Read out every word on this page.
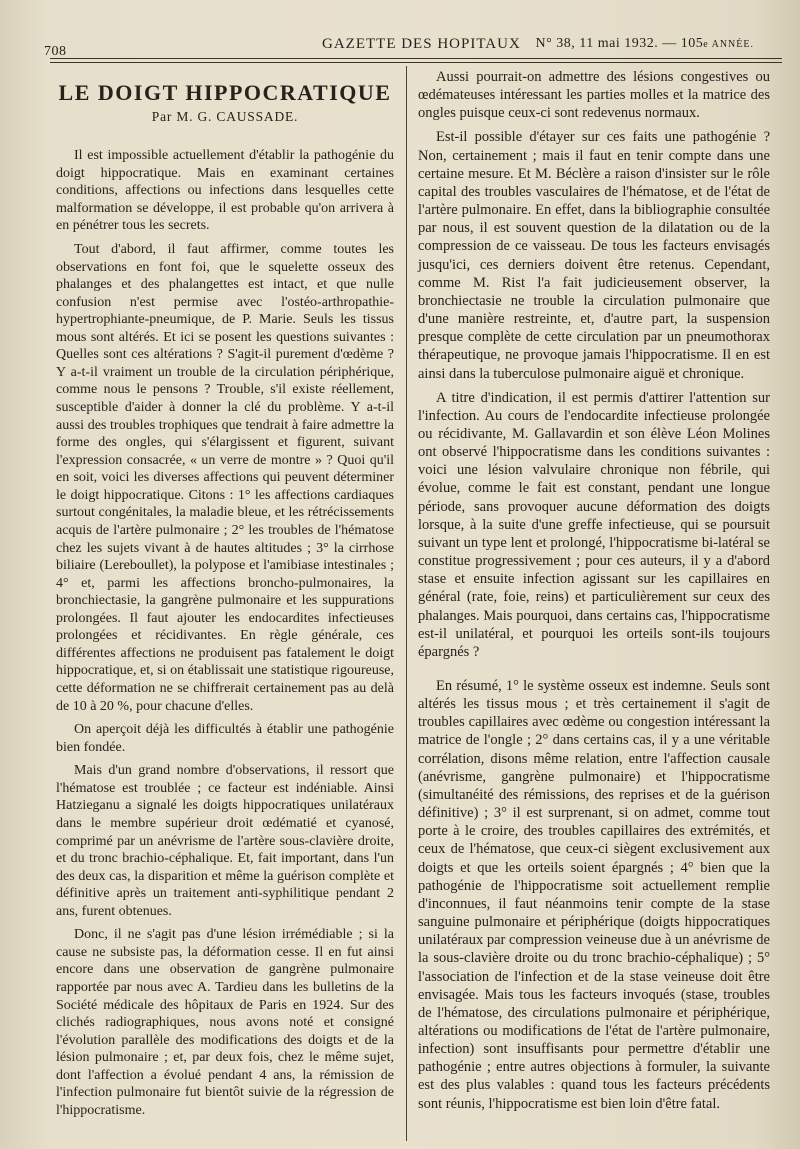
708	GAZETTE DES HOPITAUX N° 38, 11 mai 1932. — 105e ANNÉE.
LE DOIGT HIPPOCRATIQUE
Par M. G. CAUSSADE.

Il est impossible actuellement d'établir la pathogénie du doigt hippocratique. Mais en examinant certaines conditions, affections ou infections dans lesquelles cette malformation se développe, il est probable qu'on arrivera à en pénétrer tous les secrets.

Tout d'abord, il faut affirmer, comme toutes les observations en font foi, que le squelette osseux des phalanges et des phalangettes est intact, et que nulle confusion n'est permise avec l'ostéo-arthropathie-hypertrophiante-pneumique, de P. Marie. Seuls les tissus mous sont altérés. Et ici se posent les questions suivantes : Quelles sont ces altérations ? S'agit-il purement d'œdème ? Y a-t-il vraiment un trouble de la circulation périphérique, comme nous le pensons ? Trouble, s'il existe réellement, susceptible d'aider à donner la clé du problème. Y a-t-il aussi des troubles trophiques que tendrait à faire admettre la forme des ongles, qui s'élargissent et figurent, suivant l'expression consacrée, « un verre de montre » ? Quoi qu'il en soit, voici les diverses affections qui peuvent déterminer le doigt hippocratique. Citons : 1° les affections cardiaques surtout congénitales, la maladie bleue, et les rétrécissements acquis de l'artère pulmonaire ; 2° les troubles de l'hématose chez les sujets vivant à de hautes altitudes ; 3° la cirrhose biliaire (Lereboullet), la polypose et l'amibiase intestinales ; 4° et, parmi les affections broncho-pulmonaires, la bronchiectasie, la gangrène pulmonaire et les suppurations prolongées. Il faut ajouter les endocardites infectieuses prolongées et récidivantes. En règle générale, ces différentes affections ne produisent pas fatalement le doigt hippocratique, et, si on établissait une statistique rigoureuse, cette déformation ne se chiffrerait certainement pas au delà de 10 à 20 %, pour chacune d'elles.

On aperçoit déjà les difficultés à établir une pathogénie bien fondée.

Mais d'un grand nombre d'observations, il ressort que l'hématose est troublée ; ce facteur est indéniable. Ainsi Hatzieganu a signalé les doigts hippocratiques unilatéraux dans le membre supérieur droit œdématié et cyanosé, comprimé par un anévrisme de l'artère sous-clavière droite, et du tronc brachio-céphalique. Et, fait important, dans l'un des deux cas, la disparition et même la guérison complète et définitive après un traitement anti-syphilitique pendant 2 ans, furent obtenues.

Donc, il ne s'agit pas d'une lésion irrémédiable ; si la cause ne subsiste pas, la déformation cesse. Il en fut ainsi encore dans une observation de gangrène pulmonaire rapportée par nous avec A. Tardieu dans les bulletins de la Société médicale des hôpitaux de Paris en 1924. Sur des clichés radiographiques, nous avons noté et consigné l'évolution parallèle des modifications des doigts et de la lésion pulmonaire ; et, par deux fois, chez le même sujet, dont l'affection a évolué pendant 4 ans, la rémission de l'infection pulmonaire fut bientôt suivie de la régression de l'hippocratisme.

Aussi pourrait-on admettre des lésions congestives ou œdémateuses intéressant les parties molles et la matrice des ongles puisque ceux-ci sont redevenus normaux.

Est-il possible d'étayer sur ces faits une pathogénie ? Non, certainement ; mais il faut en tenir compte dans une certaine mesure. Et M. Béclère a raison d'insister sur le rôle capital des troubles vasculaires de l'hématose, et de l'état de l'artère pulmonaire. En effet, dans la bibliographie consultée par nous, il est souvent question de la dilatation ou de la compression de ce vaisseau. De tous les facteurs envisagés jusqu'ici, ces derniers doivent être retenus. Cependant, comme M. Rist l'a fait judicieusement observer, la bronchiectasie ne trouble la circulation pulmonaire que d'une manière restreinte, et, d'autre part, la suspension presque complète de cette circulation par un pneumothorax thérapeutique, ne provoque jamais l'hippocratisme. Il en est ainsi dans la tuberculose pulmonaire aiguë et chronique.

A titre d'indication, il est permis d'attirer l'attention sur l'infection. Au cours de l'endocardite infectieuse prolongée ou récidivante, M. Gallavardin et son élève Léon Molines ont observé l'hippocratisme dans les conditions suivantes : voici une lésion valvulaire chronique non fébrile, qui évolue, comme le fait est constant, pendant une longue période, sans provoquer aucune déformation des doigts lorsque, à la suite d'une greffe infectieuse, qui se poursuit suivant un type lent et prolongé, l'hippocratisme bi-latéral se constitue progressivement ; pour ces auteurs, il y a d'abord stase et ensuite infection agissant sur les capillaires en général (rate, foie, reins) et particulièrement sur ceux des phalanges. Mais pourquoi, dans certains cas, l'hippocratisme est-il unilatéral, et pourquoi les orteils sont-ils toujours épargnés ?

En résumé, 1° le système osseux est indemne. Seuls sont altérés les tissus mous ; et très certainement il s'agit de troubles capillaires avec œdème ou congestion intéressant la matrice de l'ongle ; 2° dans certains cas, il y a une véritable corrélation, disons même relation, entre l'affection causale (anévrisme, gangrène pulmonaire) et l'hippocratisme (simultanéité des rémissions, des reprises et de la guérison définitive) ; 3° il est surprenant, si on admet, comme tout porte à le croire, des troubles capillaires des extrémités, et ceux de l'hématose, que ceux-ci siègent exclusivement aux doigts et que les orteils soient épargnés ; 4° bien que la pathogénie de l'hippocratisme soit actuellement remplie d'inconnues, il faut néanmoins tenir compte de la stase sanguine pulmonaire et périphérique (doigts hippocratiques unilatéraux par compression veineuse due à un anévrisme de la sous-clavière droite ou du tronc brachio-céphalique) ; 5° l'association de l'infection et de la stase veineuse doit être envisagée. Mais tous les facteurs invoqués (stase, troubles de l'hématose, des circulations pulmonaire et périphérique, altérations ou modifications de l'état de l'artère pulmonaire, infection) sont insuffisants pour permettre d'établir une pathogénie ; entre autres objections à formuler, la suivante est des plus valables : quand tous les facteurs précédents sont réunis, l'hippocratisme est bien loin d'être fatal.
